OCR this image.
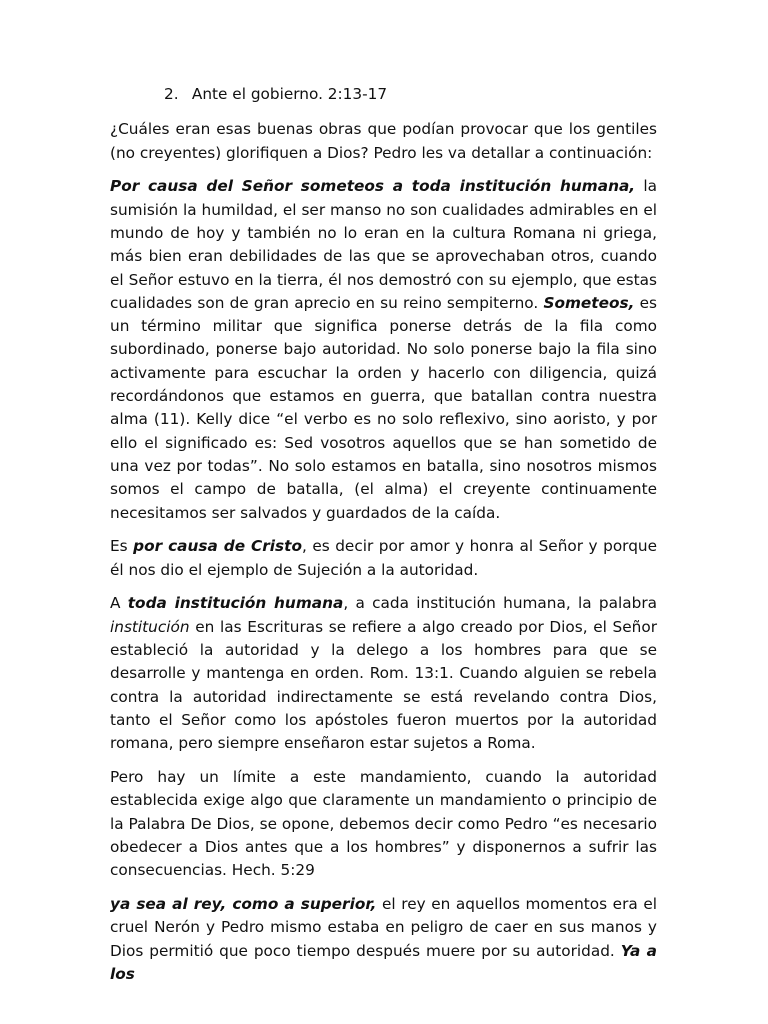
2. Ante el gobierno. 2:13-17

¿Cuáles eran esas buenas obras que podían provocar que los gentiles (no creyentes) glorifiquen a Dios? Pedro les va detallar a continuación:

Por causa del Señor someteos a toda institución humana, la sumisión la humildad, el ser manso no son cualidades admirables en el mundo de hoy y también no lo eran en la cultura Romana ni griega, más bien eran debilidades de las que se aprovechaban otros, cuando el Señor estuvo en la tierra, él nos demostró con su ejemplo, que estas cualidades son de gran aprecio en su reino sempiterno. Someteos, es un término militar que significa ponerse detrás de la fila como subordinado, ponerse bajo autoridad. No solo ponerse bajo la fila sino activamente para escuchar la orden y hacerlo con diligencia, quizá recordándonos que estamos en guerra, que batallan contra nuestra alma (11). Kelly dice “el verbo es no solo reflexivo, sino aoristo, y por ello el significado es: Sed vosotros aquellos que se han sometido de una vez por todas”. No solo estamos en batalla, sino nosotros mismos somos el campo de batalla, (el alma) el creyente continuamente necesitamos ser salvados y guardados de la caída.

Es por causa de Cristo, es decir por amor y honra al Señor y porque él nos dio el ejemplo de Sujeción a la autoridad.

A toda institución humana, a cada institución humana, la palabra institución en las Escrituras se refiere a algo creado por Dios, el Señor estableció la autoridad y la delego a los hombres para que se desarrolle y mantenga en orden. Rom. 13:1. Cuando alguien se rebela contra la autoridad indirectamente se está revelando contra Dios, tanto el Señor como los apóstoles fueron muertos por la autoridad romana, pero siempre enseñaron estar sujetos a Roma.

Pero hay un límite a este mandamiento, cuando la autoridad establecida exige algo que claramente un mandamiento o principio de la Palabra De Dios, se opone, debemos decir como Pedro “es necesario obedecer a Dios antes que a los hombres” y disponernos a sufrir las consecuencias. Hech. 5:29

ya sea al rey, como a superior, el rey en aquellos momentos era el cruel Nerón y Pedro mismo estaba en peligro de caer en sus manos y Dios permitió que poco tiempo después muere por su autoridad. Ya a los
